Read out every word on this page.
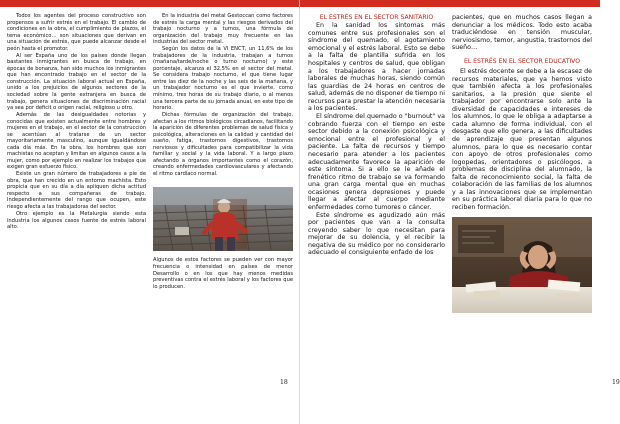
Todos los agentes del proceso constructivo son propensos a sufrir estrés en el trabajo. El cambio de condiciones en la obra, el cumplimiento de plazos, el tema económico… son situaciones que derivan en una situación de estrés, que puede alcanzar desde el peón hasta el promotor.

Al ser España uno de los países donde llegan bastantes inmigrantes en busca de trabajo, en épocas de bonanza, han sido muchos los inmigrantes que han encontrado trabajo en el sector de la construcción. La situación laboral actual en España, unido a los prejuicios de algunos sectores de la sociedad sobre la gente extranjera en busca de trabajo, genera situaciones de discriminación racial ya sea por deficit o origen racial, religioso u otro.

Además de las desigualdades notorias y conocidas que existen actualmente entre hombres y mujeres en el trabajo, en el sector de la construcción se acentúan al tratarse de un sector mayoritariamente masculino, aunque igualdándose cada día más. En la obra, los hombres que son machistas no aceptan y limitan en algunos casos a la mujer, como por ejemplo en realizar los trabajos que exigen gran esfuerzo físico.

Existe un gran número de trabajadores a pie de obra, que han crecido en un entorno machista. Esto propicia que en su día a día apliquen dicha actitud respecto a sus compañeras de trabajo. Independientemente del rango que ocupen, este riesgo afecta a las trabajadoras del sector.

Otro ejemplo es la Metalurgia siendo esta industria los algunos casos fuente de estrés laboral alto.

En la industria del metal Gestoccan como factores de estrés la carga mental y las riesgos derivados del trabajo nocturno y a turnos, una fórmula de organización del trabajo muy frecuente en las industrias del sector metal.

Según los datos de la VI ENCT, un 11,6% de los trabajadores de la industria, trabajan a turnos (mañana/tarde/noche o turno nocturno) y este porcentaje, alcanza el 32,5% en el sector del metal. Se considera trabajo nocturno, el que tiene lugar entre las diez de la noche y las seis de la mañana, y un trabajador nocturno es el que invierte, como mínimo, tres horas de su trabajo diario, o al menos una tercera parte de su jornada anual, en este tipo de horario.

Dichas fórmulas de organización del trabajo, afectan a los ritmos biológicos circadianos, facilitando la aparición de diferentes problemas de salud física y psicológica, alteraciones en la calidad y cantidad del sueño, fatiga, trastornos digestivos, trastornos nerviosos y dificultades para compatibilizar la vida familiar y social y la vida laboral. Y a largo plazo afectando a órganos importantes como el corazón, creando enfermedades cardiovasculares y afectando el ritmo cardíaco normal.

Algunos de estos factores se pueden ver con mayor frecuencia o intensidad en países de menor Desarrollo o en los que hay menos medidas preventivas contra el estrés laboral y los factores que lo producen.

18

EL ESTRÉS EN EL SECTOR SANITARIO

En la sanidad los síntomas más comunes entre sus profesionales son el síndrome del quemado, el agotamiento emocional y el estrés laboral. Esto se debe a la falta de plantilla sufrida en los hospitales y centros de salud, que obligan a los trabajadores a hacer jornadas laborales de muchas horas, siendo común las guardias de 24 horas en centros de salud, además de no disponer de tiempo ni recursos para prestar la atención necesaria a los pacientes.

El síndrome del quemado o "burnout" va cobrando fuerza con el tiempo en este sector debido a la conexión psicológica y emocional entre el profesional y el paciente. La falta de recursos y tiempo necesario para atender a los pacientes adecuadamente favorece la aparición de este síntoma. Si a ello se le añade el frenético ritmo de trabajo se va formando una gran carga mental que en muchas ocasiones genera depresiones y puede llegar a afectar al cuerpo mediante enfermedades como tumores o cáncer.

Este síndrome es agudizado aún más por pacientes que van a la consulta creyendo saber lo que necesitan para mejorar de su dolencia, y el recibir la negativa de su médico por no considerarlo adecuado el consiguiente enfado de los

pacientes, que en muchos casos llegan a denunciar a los médicos. Todo esto acaba traduciéndose en tensión muscular, nerviosismo, temor, angustia, trastornos del sueño…

EL ESTRÉS EN EL SECTOR EDUCATIVO

El estrés docente se debe a la escasez de recursos materiales, que ya hemos visto que también afecta a los profesionales sanitarios, a la presión que siente el trabajador por encontrarse solo ante la diversidad de capacidades e intereses de los alumnos, lo que le obliga a adaptarse a cada alumno de forma individual, con el desgaste que ello genera, a las dificultades de aprendizaje que presentan algunos alumnos, para lo que es necesario contar con apoyo de otros profesionales como logopedas, orientadores o psicólogos, a problemas de disciplina del alumnado, la falta de reconocimiento social, la falta de colaboración de las familias de los alumnos y a las innovaciones que se implementan en su práctica laboral diaria para lo que no reciben formación.

19
